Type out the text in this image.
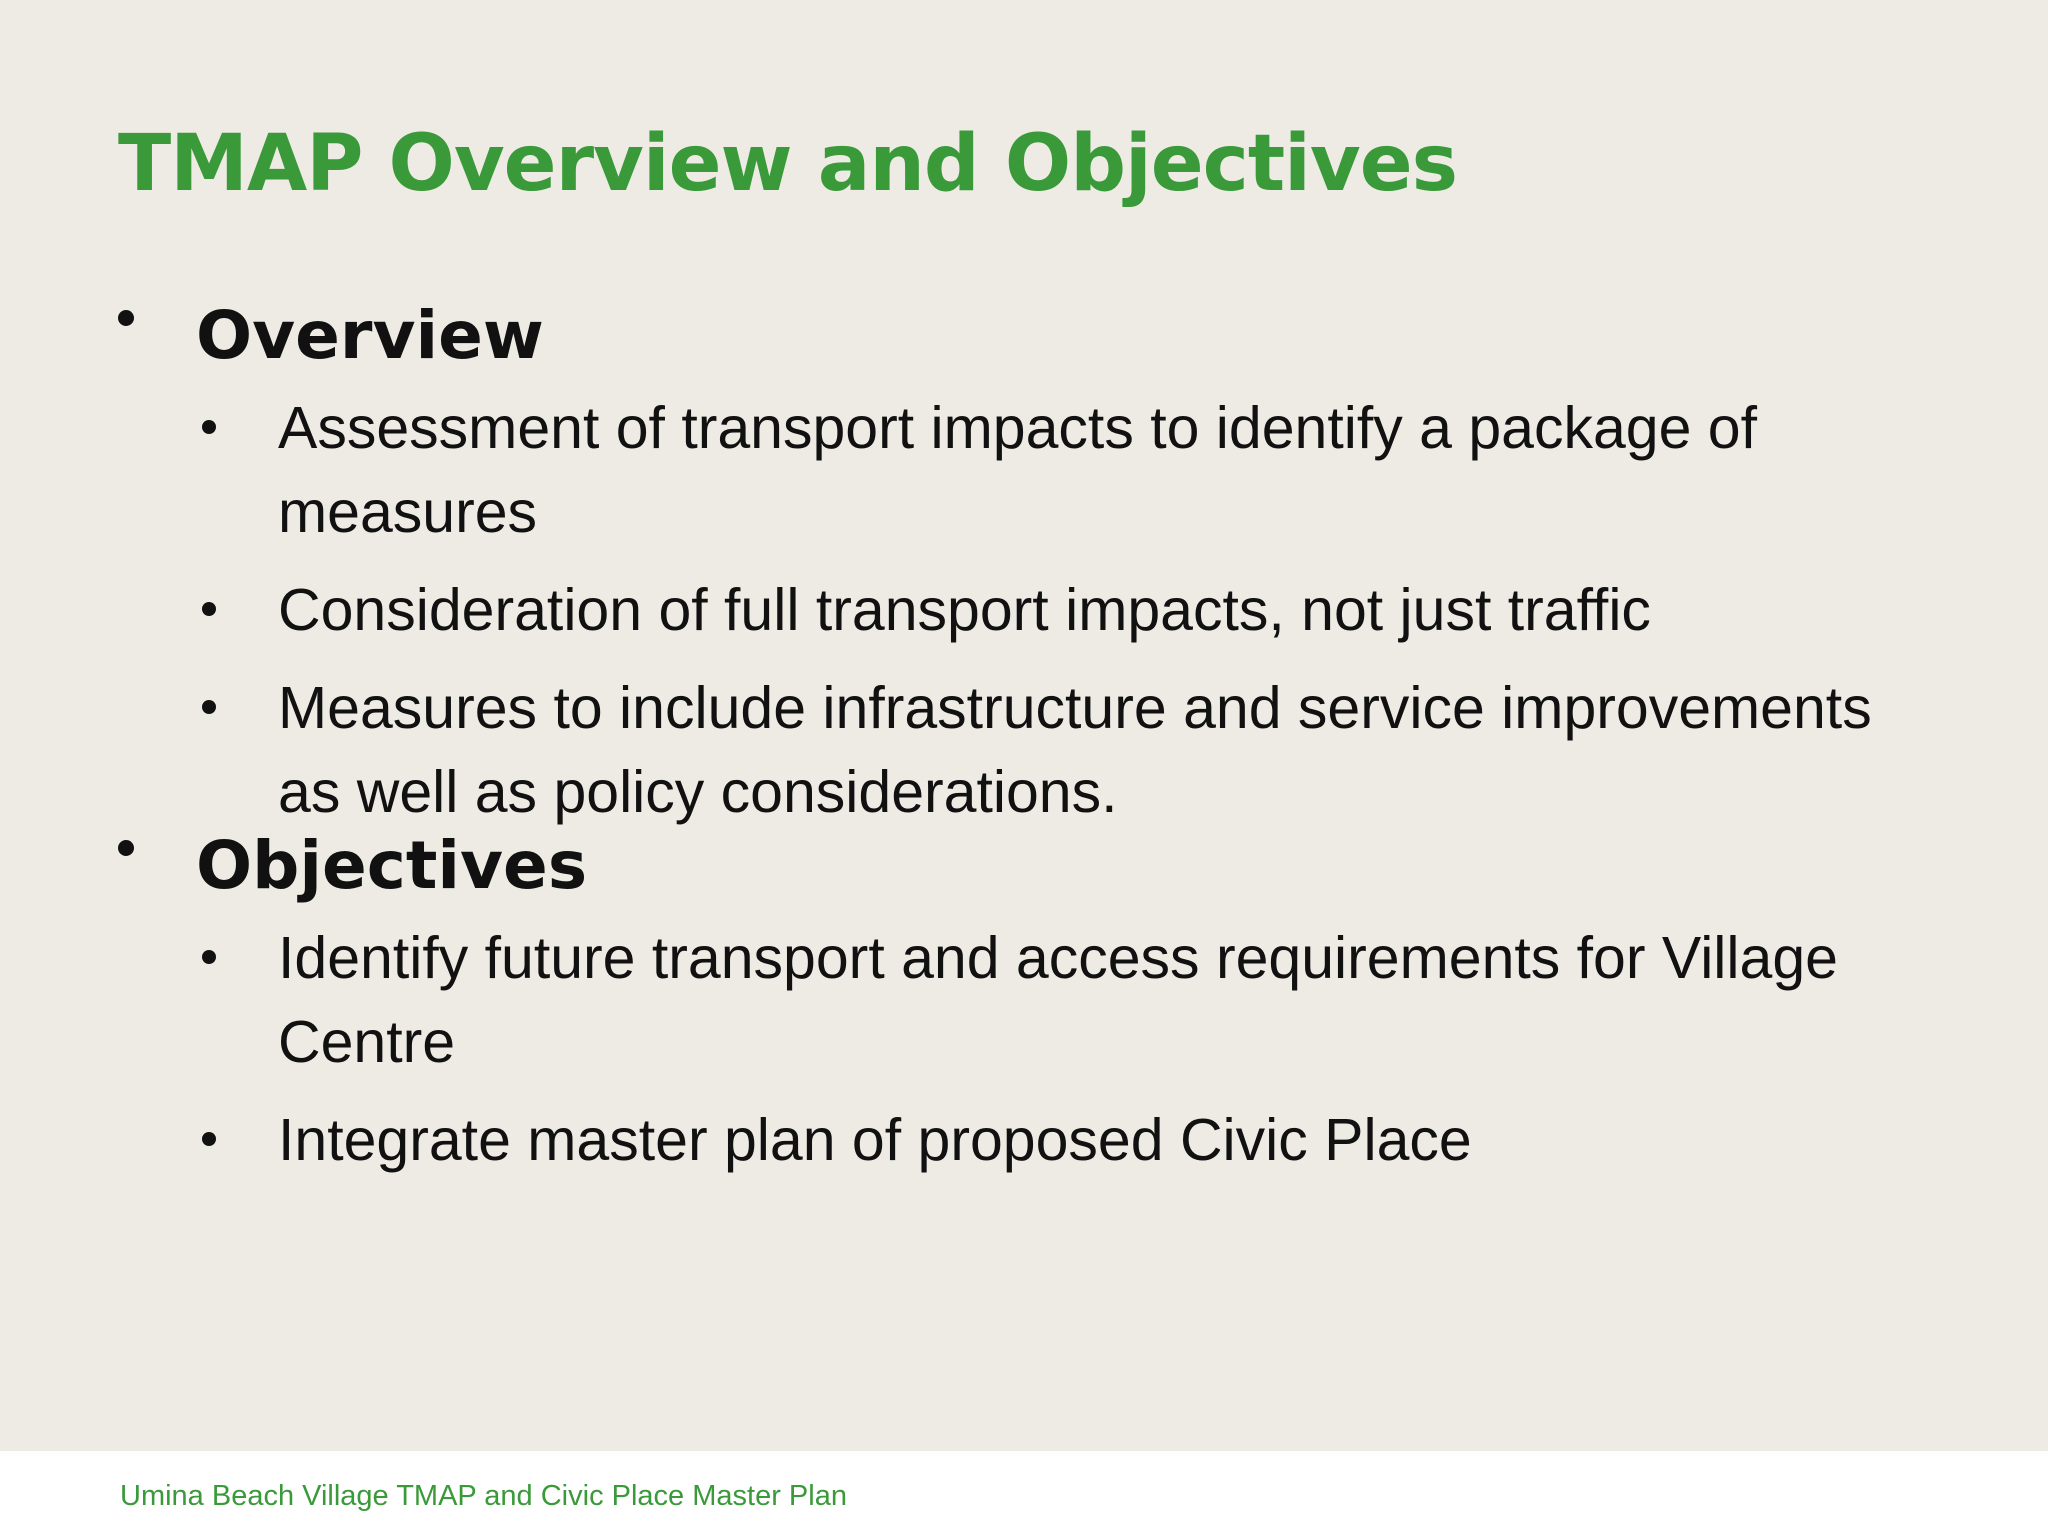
TMAP Overview and Objectives
Overview
Assessment of transport impacts to identify a package of measures
Consideration of full transport impacts, not just traffic
Measures to include infrastructure and service improvements as well as policy considerations.
Objectives
Identify future transport and access requirements for Village Centre
Integrate master plan of proposed Civic Place
Umina Beach Village TMAP and Civic Place Master Plan
